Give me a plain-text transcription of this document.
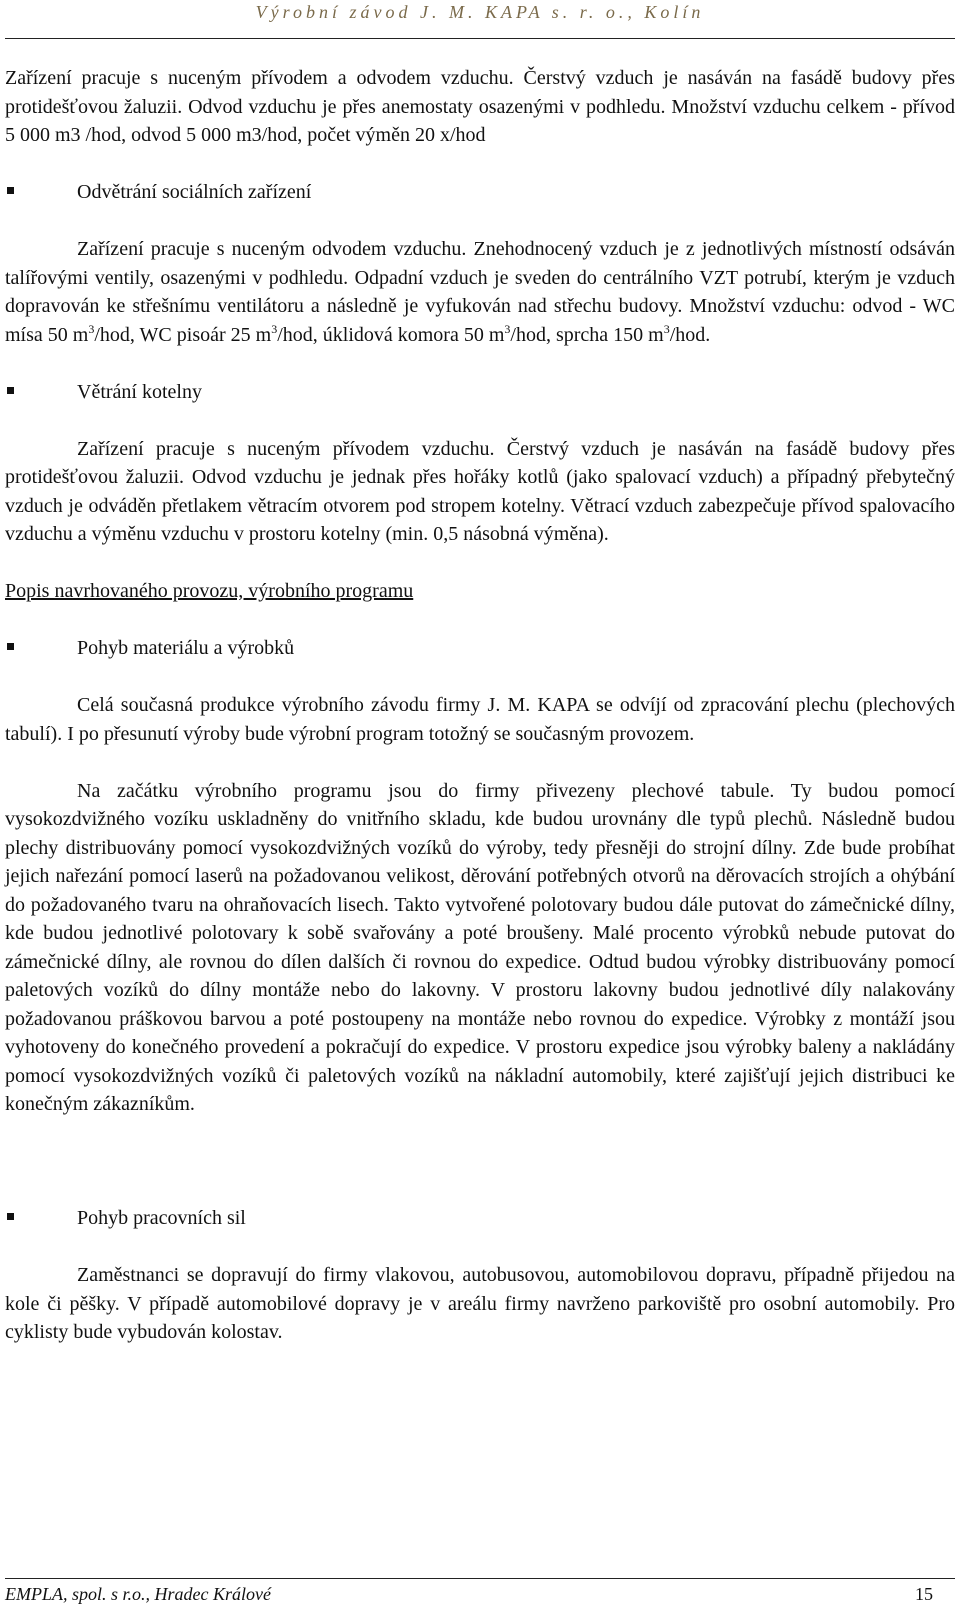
Výrobní závod J. M. KAPA s. r. o., Kolín

Zařízení pracuje s nuceným přívodem a odvodem vzduchu. Čerstvý vzduch je nasáván na fasádě budovy přes protidešťovou žaluzii. Odvod vzduchu je přes anemostaty osazenými v podhledu. Množství vzduchu celkem - přívod 5 000 m3 /hod, odvod 5 000 m3/hod, počet výměn 20 x/hod

Odvětrání sociálních zařízení

Zařízení pracuje s nuceným odvodem vzduchu. Znehodnocený vzduch je z jednotlivých místností odsáván talířovými ventily, osazenými v podhledu. Odpadní vzduch je sveden do centrálního VZT potrubí, kterým je vzduch dopravován ke střešnímu ventilátoru a následně je vyfukován nad střechu budovy. Množství vzduchu: odvod - WC mísa 50 $m^3$/hod, WC pisoár 25 $m^3$/hod, úklidová komora 50 $m^3$/hod, sprcha 150 $m^3$/hod.

Větrání kotelny

Zařízení pracuje s nuceným přívodem vzduchu. Čerstvý vzduch je nasáván na fasádě budovy přes protidešťovou žaluzii. Odvod vzduchu je jednak přes hořáky kotlů (jako spalovací vzduch) a případný přebytečný vzduch je odváděn přetlakem větracím otvorem pod stropem kotelny. Větrací vzduch zabezpečuje přívod spalovacího vzduchu a výměnu vzduchu v prostoru kotelny (min. 0,5 násobná výměna).

Popis navrhovaného provozu, výrobního programu

Pohyb materiálu a výrobků

Celá současná produkce výrobního závodu firmy J. M. KAPA se odvíjí od zpracování plechu (plechových tabulí). I po přesunutí výroby bude výrobní program totožný se současným provozem.

Na začátku výrobního programu jsou do firmy přivezeny plechové tabule. Ty budou pomocí vysokozdvižného vozíku uskladněny do vnitřního skladu, kde budou urovnány dle typů plechů. Následně budou plechy distribuovány pomocí vysokozdvižných vozíků do výroby, tedy přesněji do strojní dílny. Zde bude probíhat jejich nařezání pomocí laserů na požadovanou velikost, děrování potřebných otvorů na děrovacích strojích a ohýbání do požadovaného tvaru na ohraňovacích lisech. Takto vytvořené polotovary budou dále putovat do zámečnické dílny, kde budou jednotlivé polotovary k sobě svařovány a poté broušeny. Malé procento výrobků nebude putovat do zámečnické dílny, ale rovnou do dílen dalších či rovnou do expedice. Odtud budou výrobky distribuovány pomocí paletových vozíků do dílny montáže nebo do lakovny. V prostoru lakovny budou jednotlivé díly nalakovány požadovanou práškovou barvou a poté postoupeny na montáže nebo rovnou do expedice. Výrobky z montáží jsou vyhotoveny do konečného provedení a pokračují do expedice. V prostoru expedice jsou výrobky baleny a nakládány pomocí vysokozdvižných vozíků či paletových vozíků na nákladní automobily, které zajišťují jejich distribuci ke konečným zákazníkům.

Pohyb pracovních sil

Zaměstnanci se dopravují do firmy vlakovou, autobusovou, automobilovou dopravu, případně přijedou na kole či pěšky. V případě automobilové dopravy je v areálu firmy navrženo parkoviště pro osobní automobily. Pro cyklisty bude vybudován kolostav.

EMPLA, spol. s r.o., Hradec Králové	15
